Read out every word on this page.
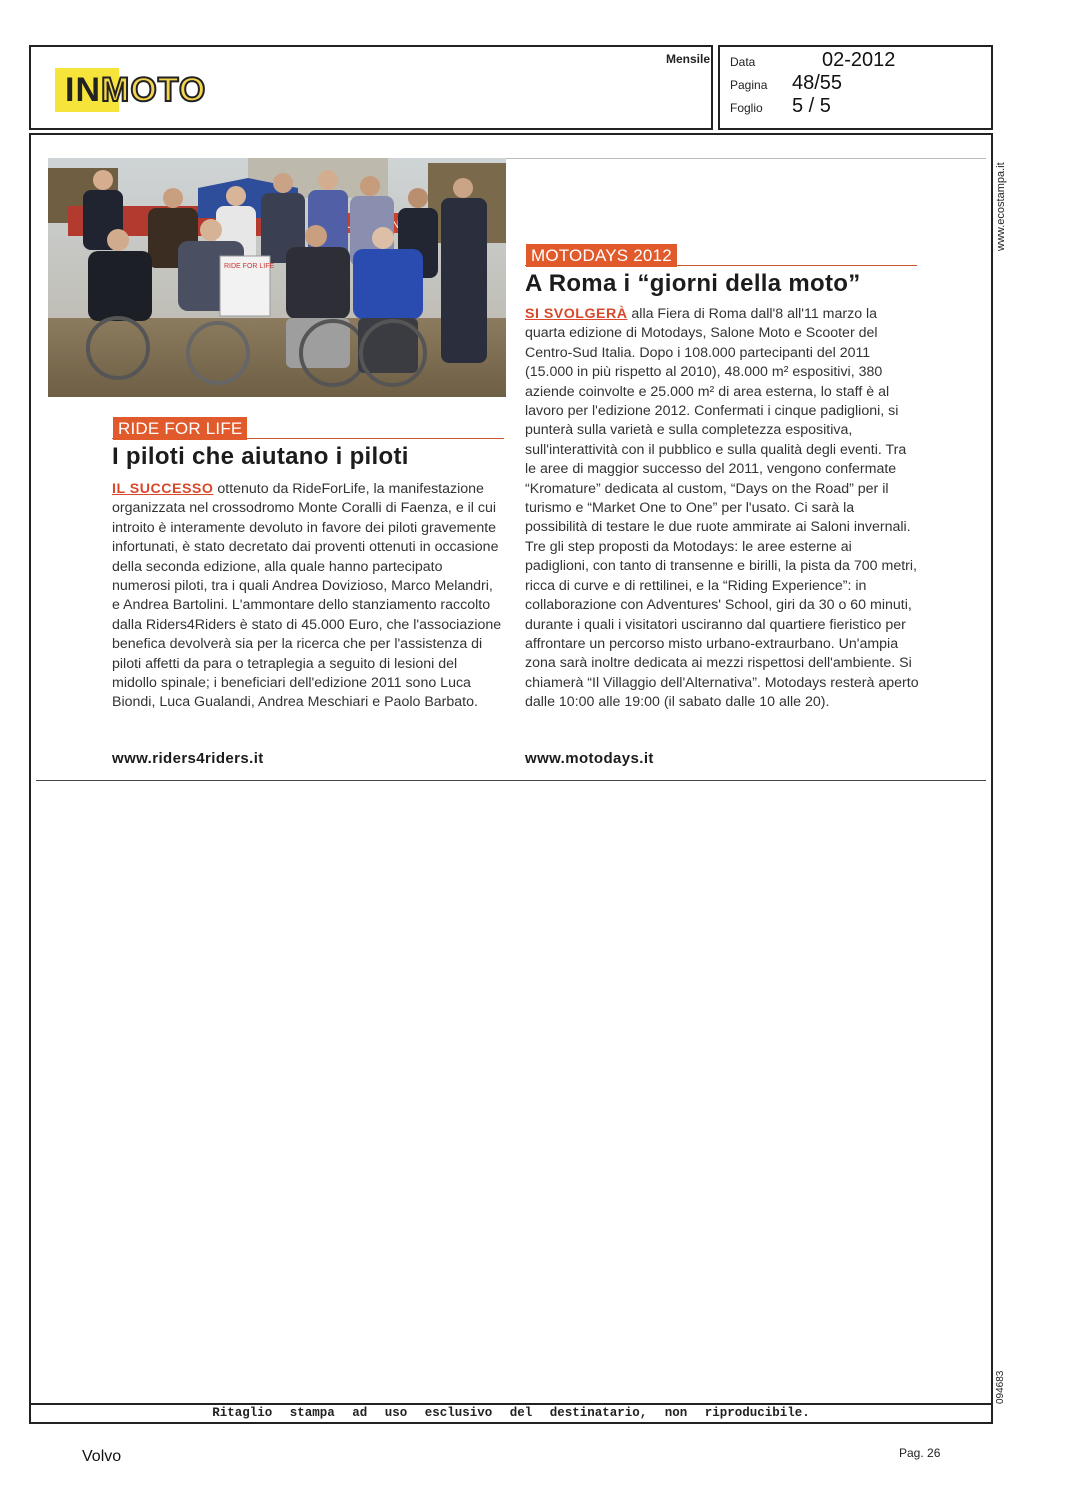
INMOTO
Mensile Data	02-2012
Pagina 48/55
Foglio 5 / 5
www.ecostampa.it
094683
RIDE FOR LIFE
RIDE FOR LIFE
I piloti che aiutano i piloti
IL SUCCESSO ottenuto da RideForLife, la manifestazione organizzata nel crossodromo Monte Coralli di Faenza, e il cui introito è interamente devoluto in favore dei piloti gravemente infortunati, è stato decretato dai proventi ottenuti in occasione della seconda edizione, alla quale hanno partecipato numerosi piloti, tra i quali Andrea Dovizioso, Marco Melandri, e Andrea Bartolini. L'ammontare dello stanziamento raccolto dalla Riders4Riders è stato di 45.000 Euro, che l'associazione benefica devolverà sia per la ricerca che per l'assistenza di piloti affetti da para o tetraplegia a seguito di lesioni del midollo spinale; i beneficiari dell'edizione 2011 sono Luca Biondi, Luca Gualandi, Andrea Meschiari e Paolo Barbato.
www.riders4riders.it
MOTODAYS 2012
A Roma i “giorni della moto”
SI SVOLGERÀ alla Fiera di Roma dall'8 all'11 marzo la quarta edizione di Motodays, Salone Moto e Scooter del Centro-Sud Italia. Dopo i 108.000 partecipanti del 2011 (15.000 in più rispetto al 2010), 48.000 m² espositivi, 380 aziende coinvolte e 25.000 m² di area esterna, lo staff è al lavoro per l'edizione 2012. Confermati i cinque padiglioni, si punterà sulla varietà e sulla completezza espositiva, sull'interattività con il pubblico e sulla qualità degli eventi. Tra le aree di maggior successo del 2011, vengono confermate “Kromature” dedicata al custom, “Days on the Road” per il turismo e “Market One to One” per l'usato. Ci sarà la possibilità di testare le due ruote ammirate ai Saloni invernali. Tre gli step proposti da Motodays: le aree esterne ai padiglioni, con tanto di transenne e birilli, la pista da 700 metri, ricca di curve e di rettilinei, e la “Riding Experience”: in collaborazione con Adventures' School, giri da 30 o 60 minuti, durante i quali i visitatori usciranno dal quartiere fieristico per affrontare un percorso misto urbano-extraurbano. Un'ampia zona sarà inoltre dedicata ai mezzi rispettosi dell'ambiente. Si chiamerà “Il Villaggio dell'Alternativa”. Motodays resterà aperto dalle 10:00 alle 19:00 (il sabato dalle 10 alle 20).
www.motodays.it
Ritaglio stampa ad uso esclusivo del destinatario, non riproducibile.
Volvo	Pag. 26
